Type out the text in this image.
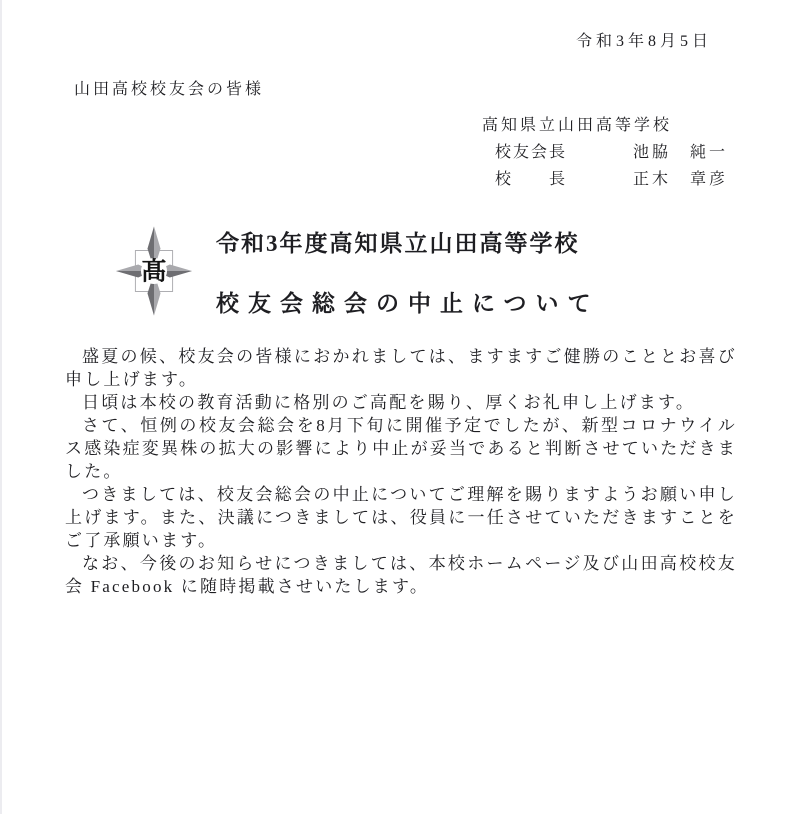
令和3年8月5日
山田高校校友会の皆様
高知県立山田高等学校
校友会長	池脇　純一
校　　長	正木　章彦
髙
令和3年度高知県立山田高等学校
校友会総会の中止について

盛夏の候、校友会の皆様におかれましては、ますますご健勝のこととお喜び申し上げます。

日頃は本校の教育活動に格別のご高配を賜り、厚くお礼申し上げます。

さて、恒例の校友会総会を8月下旬に開催予定でしたが、新型コロナウイルス感染症変異株の拡大の影響により中止が妥当であると判断させていただきました。

つきましては、校友会総会の中止についてご理解を賜りますようお願い申し上げます。また、決議につきましては、役員に一任させていただきますことをご了承願います。

なお、今後のお知らせにつきましては、本校ホームページ及び山田高校校友会 Facebook に随時掲載させいたします。
